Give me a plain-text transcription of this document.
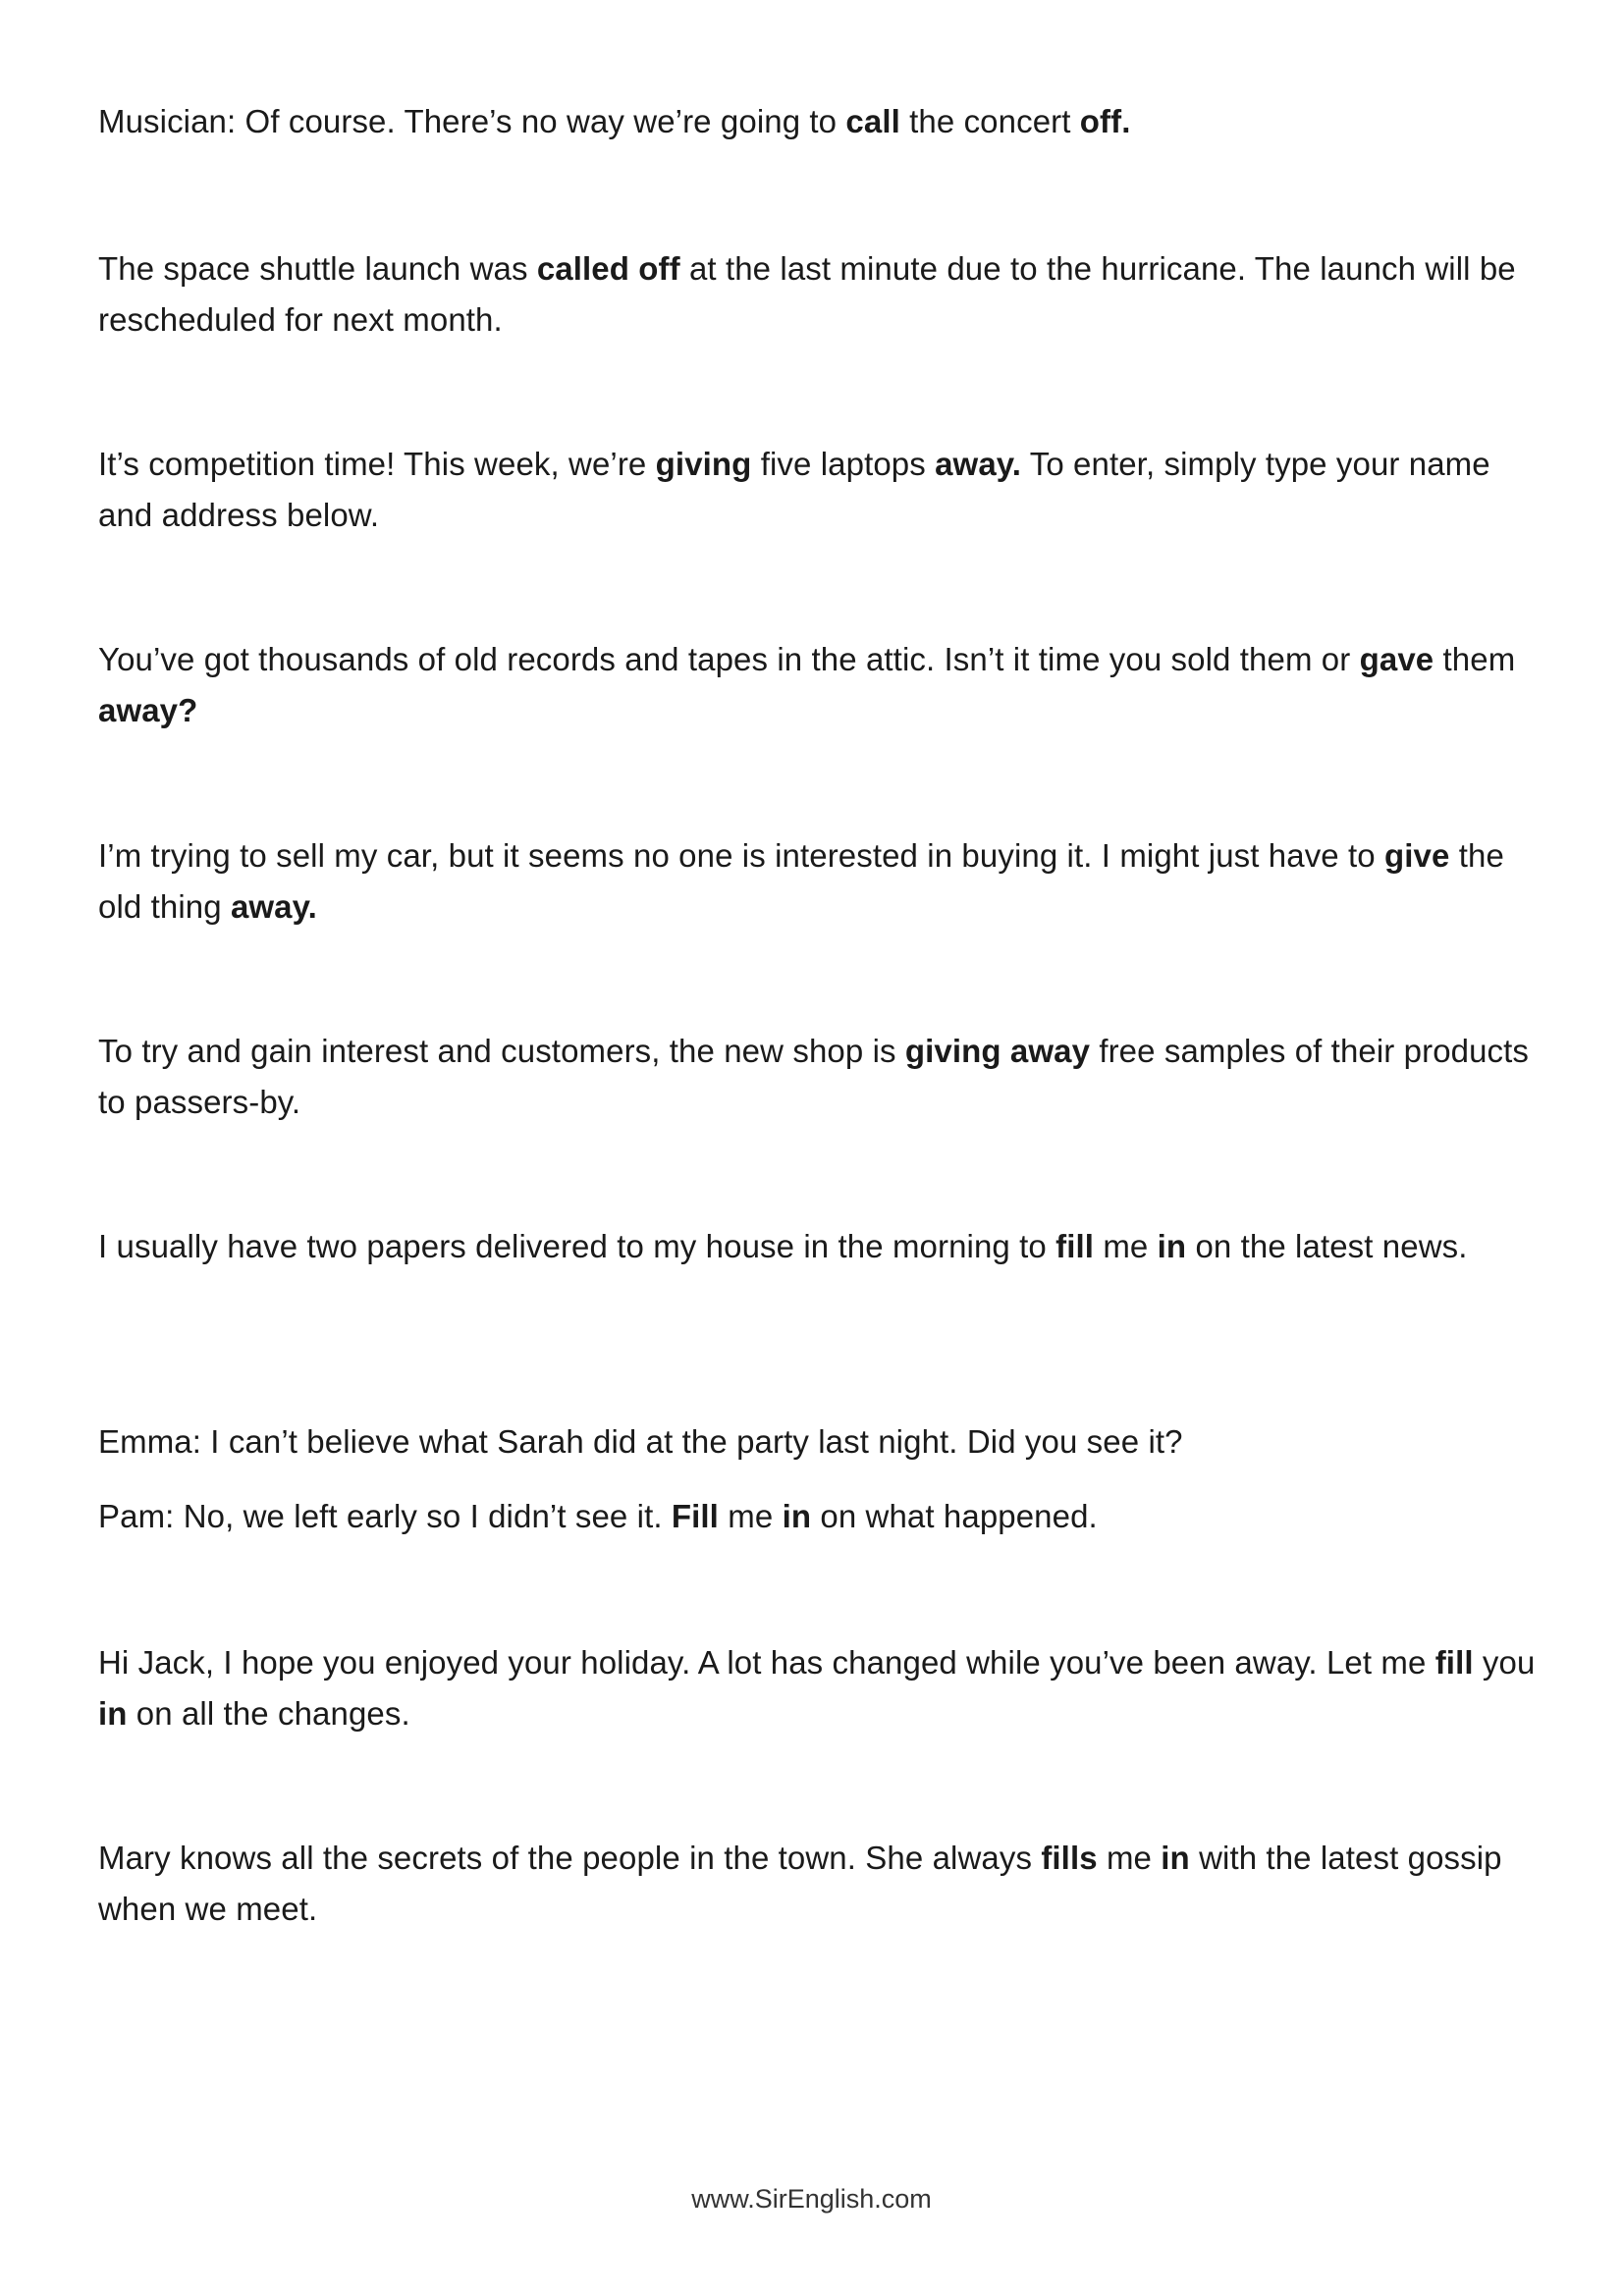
Musician: Of course. There’s no way we’re going to call the concert off.

The space shuttle launch was called off at the last minute due to the hurricane. The launch will be rescheduled for next month.

It’s competition time! This week, we’re giving five laptops away. To enter, simply type your name and address below.

You’ve got thousands of old records and tapes in the attic. Isn’t it time you sold them or gave them away?

I’m trying to sell my car, but it seems no one is interested in buying it. I might just have to give the old thing away.

To try and gain interest and customers, the new shop is giving away free samples of their products to passers-by.

I usually have two papers delivered to my house in the morning to fill me in on the latest news.

Emma: I can’t believe what Sarah did at the party last night. Did you see it?

Pam: No, we left early so I didn’t see it. Fill me in on what happened.

Hi Jack, I hope you enjoyed your holiday. A lot has changed while you’ve been away. Let me fill you in on all the changes.

Mary knows all the secrets of the people in the town. She always fills me in with the latest gossip when we meet.

www.SirEnglish.com
